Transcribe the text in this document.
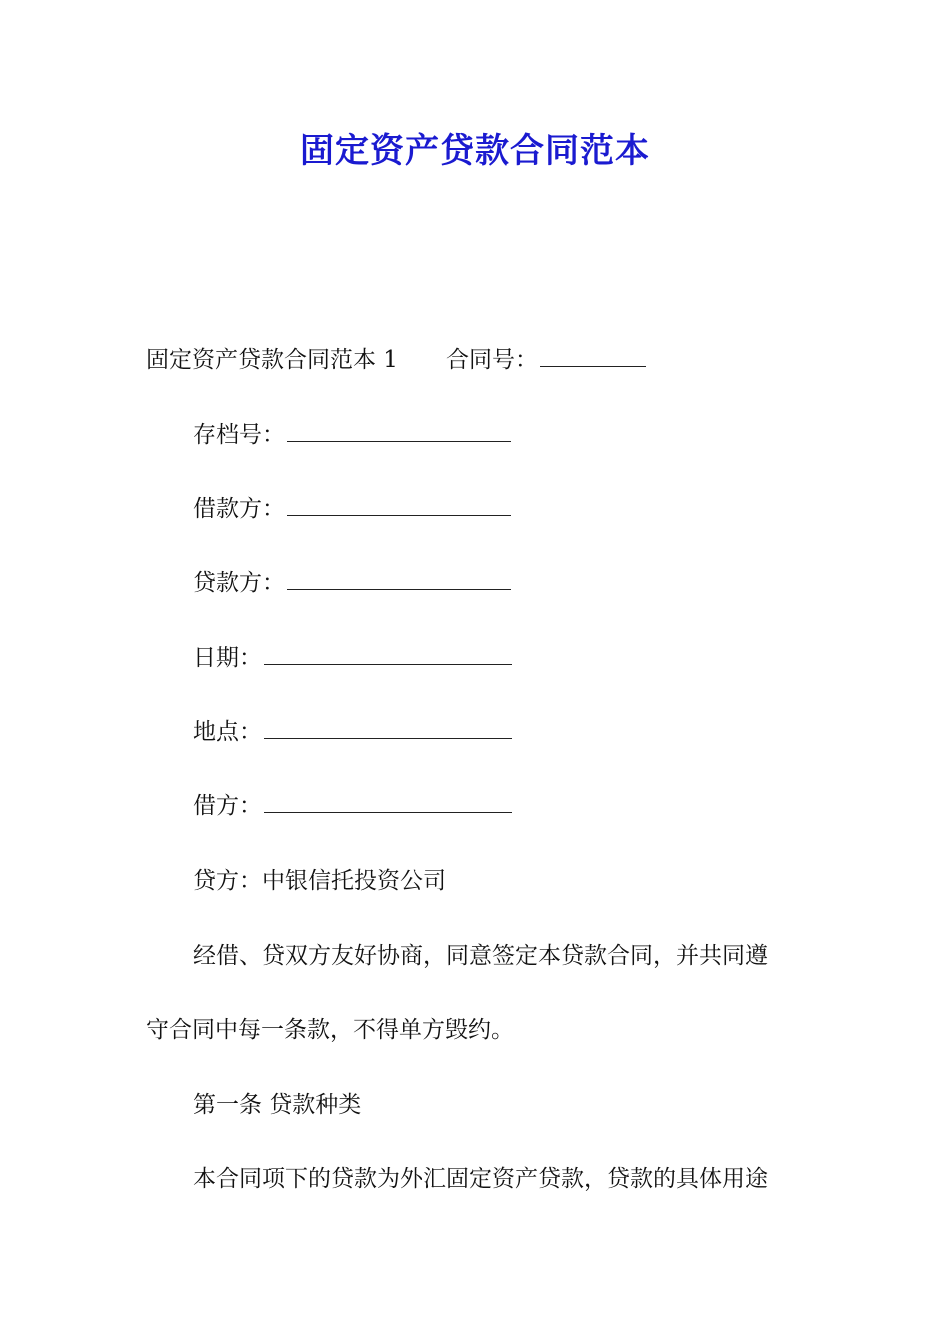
固定资产贷款合同范本
固定资产贷款合同范本 1 合同号：
存档号：
借款方：
贷款方：
日期：
地点：
借方：
贷方：中银信托投资公司
经借、贷双方友好协商，同意签定本贷款合同，并共同遵
守合同中每一条款，不得单方毁约。
第一条 贷款种类
本合同项下的贷款为外汇固定资产贷款，贷款的具体用途
